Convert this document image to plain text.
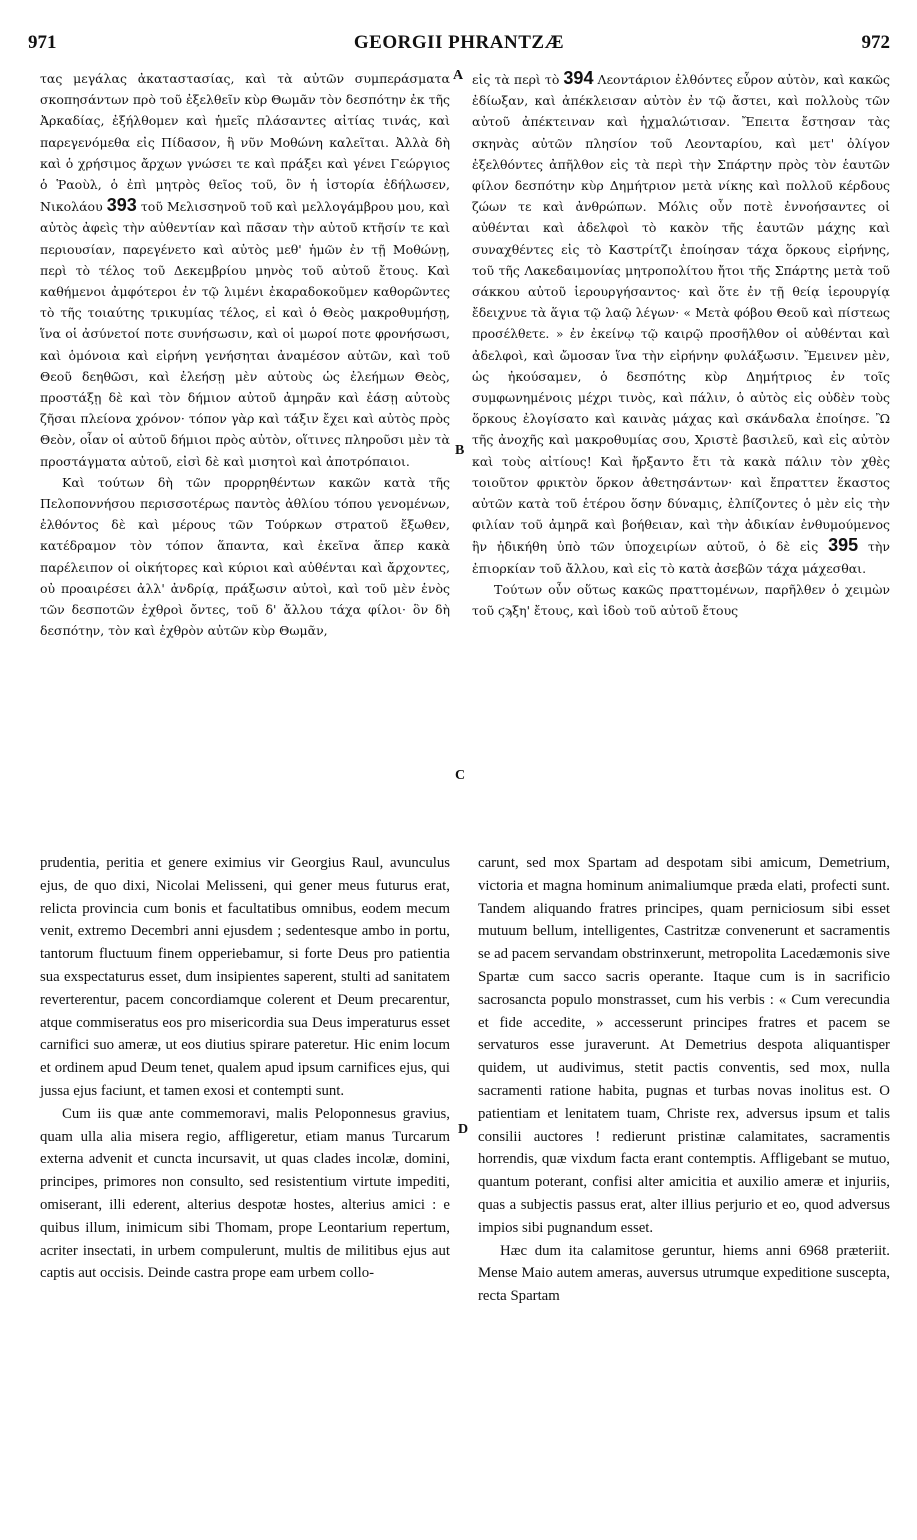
971	GEORGII PHRANTZÆ	972

τας μεγάλας ἀκαταστασίας, καὶ τὰ αὐτῶν συμπεράσματα σκοπησάντων πρὸ τοῦ ἐξελθεῖν κὺρ Θωμᾶν τὸν δεσπότην ἐκ τῆς Ἀρκαδίας, ἐξήλθομεν καὶ ἡμεῖς πλάσαντες αἰτίας τινάς, καὶ παρεγενόμεθα εἰς Πίδασον, ἣ νῦν Μοθώνη καλεῖται. Ἀλλὰ δὴ καὶ ὁ χρήσιμος ἄρχων γνώσει τε καὶ πράξει καὶ γένει Γεώργιος ὁ Ῥαοὺλ, ὁ ἐπὶ μητρὸς θεῖος τοῦ, ὃν ἡ ἱστορία ἐδήλωσεν, Νικολάου 393 τοῦ Μελισσηνοῦ τοῦ καὶ μελλογάμβρου μου, καὶ αὐτὸς ἀφεὶς τὴν αὐθεντίαν καὶ πᾶσαν τὴν αὐτοῦ κτῆσίν τε καὶ περιουσίαν, παρεγένετο καὶ αὐτὸς μεθ' ἡμῶν ἐν τῇ Μοθώνῃ, περὶ τὸ τέλος τοῦ Δεκεμβρίου μηνὸς τοῦ αὐτοῦ ἔτους. Καὶ καθήμενοι ἀμφότεροι ἐν τῷ λιμένι ἐκαραδοκοῦμεν καθορῶντες τὸ τῆς τοιαύτης τρικυμίας τέλος, εἰ καὶ ὁ Θεὸς μακροθυμήσῃ, ἵνα οἱ ἀσύνετοί ποτε συνήσωσιν, καὶ οἱ μωροί ποτε φρονήσωσι, καὶ ὁμόνοια καὶ εἰρήνη γενήσηται ἀναμέσον αὐτῶν, καὶ τοῦ Θεοῦ δεηθῶσι, καὶ ἐλεήσῃ μὲν αὐτοὺς ὡς ἐλεήμων Θεὸς, προστάξῃ δὲ καὶ τὸν δήμιον αὐτοῦ ἀμηρᾶν καὶ ἐάσῃ αὐτοὺς ζῆσαι πλείονα χρόνον· τόπον γὰρ καὶ τάξιν ἔχει καὶ αὐτὸς πρὸς Θεὸν, οἷαν οἱ αὐτοῦ δήμιοι πρὸς αὐτὸν, οἵτινες πληροῦσι μὲν τὰ προστάγματα αὐτοῦ, εἰσὶ δὲ καὶ μισητοὶ καὶ ἀποτρόπαιοι.

Καὶ τούτων δὴ τῶν προρρηθέντων κακῶν κατὰ τῆς Πελοποννήσου περισσοτέρως παντὸς ἀθλίου τόπου γενομένων, ἐλθόντος δὲ καὶ μέρους τῶν Τούρκων στρατοῦ ἔξωθεν, κατέδραμον τὸν τόπον ἅπαντα, καὶ ἐκεῖνα ἅπερ κακὰ παρέλειπον οἱ οἰκήτορες καὶ κύριοι καὶ αὐθένται καὶ ἄρχοντες, οὐ προαιρέσει ἀλλ' ἀνδρίᾳ, πράξωσιν αὐτοὶ, καὶ τοῦ μὲν ἑνὸς τῶν δεσποτῶν ἐχθροὶ ὄντες, τοῦ δ' ἄλλου τάχα φίλοι· ὃν δὴ δεσπότην, τὸν καὶ ἐχθρὸν αὐτῶν κὺρ Θωμᾶν,

A
B
C
D

εἰς τὰ περὶ τὸ 394 Λεοντάριον ἐλθόντες εὗρον αὐτὸν, καὶ κακῶς ἐδίωξαν, καὶ ἀπέκλεισαν αὐτὸν ἐν τῷ ἄστει, καὶ πολλοὺς τῶν αὐτοῦ ἀπέκτειναν καὶ ἠχμαλώτισαν. Ἔπειτα ἔστησαν τὰς σκηνὰς αὐτῶν πλησίον τοῦ Λεονταρίου, καὶ μετ' ὀλίγον ἐξελθόντες ἀπῆλθον εἰς τὰ περὶ τὴν Σπάρτην πρὸς τὸν ἑαυτῶν φίλον δεσπότην κὺρ Δημήτριον μετὰ νίκης καὶ πολλοῦ κέρδους ζώων τε καὶ ἀνθρώπων. Μόλις οὖν ποτὲ ἐννοήσαντες οἱ αὐθένται καὶ ἀδελφοὶ τὸ κακὸν τῆς ἑαυτῶν μάχης καὶ συναχθέντες εἰς τὸ Καστρίτζι ἐποίησαν τάχα ὅρκους εἰρήνης, τοῦ τῆς Λακεδαιμονίας μητροπολίτου ἤτοι τῆς Σπάρτης μετὰ τοῦ σάκκου αὐτοῦ ἱερουργήσαντος· καὶ ὅτε ἐν τῇ θείᾳ ἱερουργίᾳ ἔδειχνυε τὰ ἅγια τῷ λαῷ λέγων· « Μετὰ φόβου Θεοῦ καὶ πίστεως προσέλθετε. » ἐν ἐκείνῳ τῷ καιρῷ προσῆλθον οἱ αὐθένται καὶ ἀδελφοὶ, καὶ ὤμοσαν ἵνα τὴν εἰρήνην φυλάξωσιν. Ἔμεινεν μὲν, ὡς ἠκούσαμεν, ὁ δεσπότης κὺρ Δημήτριος ἐν τοῖς συμφωνημένοις μέχρι τινὸς, καὶ πάλιν, ὁ αὐτὸς εἰς οὐδὲν τοὺς ὅρκους ἐλογίσατο καὶ καινὰς μάχας καὶ σκάνδαλα ἐποίησε. Ὢ τῆς ἀνοχῆς καὶ μακροθυμίας σου, Χριστὲ βασιλεῦ, καὶ εἰς αὐτὸν καὶ τοὺς αἰτίους! Καὶ ἤρξαντο ἔτι τὰ κακὰ πάλιν τὸν χθὲς τοιοῦτον φρικτὸν ὅρκον ἀθετησάντων· καὶ ἔπραττεν ἕκαστος αὐτῶν κατὰ τοῦ ἑτέρου ὅσην δύναμις, ἐλπίζοντες ὁ μὲν εἰς τὴν φιλίαν τοῦ ἀμηρᾶ καὶ βοήθειαν, καὶ τὴν ἀδικίαν ἐνθυμούμενος ἣν ἠδικήθη ὑπὸ τῶν ὑποχειρίων αὐτοῦ, ὁ δὲ εἰς 395 τὴν ἐπιορκίαν τοῦ ἄλλου, καὶ εἰς τὸ κατὰ ἀσεβῶν τάχα μάχεσθαι.

Τούτων οὖν οὕτως κακῶς πραττομένων, παρῆλθεν ὁ χειμὼν τοῦ ϛϡξη' ἔτους, καὶ ἰδοὺ τοῦ αὐτοῦ ἔτους

prudentia, peritia et genere eximius vir Georgius Raul, avunculus ejus, de quo dixi, Nicolai Melisseni, qui gener meus futurus erat, relicta provincia cum bonis et facultatibus omnibus, eodem mecum venit, extremo Decembri anni ejusdem ; sedentesque ambo in portu, tantorum fluctuum finem opperiebamur, si forte Deus pro patientia sua exspectaturus esset, dum insipientes saperent, stulti ad sanitatem reverterentur, pacem concordiamque colerent et Deum precarentur, atque commiseratus eos pro misericordia sua Deus imperaturus esset carnifici suo ameræ, ut eos diutius spirare pateretur. Hic enim locum et ordinem apud Deum tenet, qualem apud ipsum carnifices ejus, qui jussa ejus faciunt, et tamen exosi et contempti sunt.

Cum iis quæ ante commemoravi, malis Peloponnesus gravius, quam ulla alia misera regio, affligeretur, etiam manus Turcarum externa advenit et cuncta incursavit, ut quas clades incolæ, domini, principes, primores non consulto, sed resistentium virtute impediti, omiserant, illi ederent, alterius despotæ hostes, alterius amici : e quibus illum, inimicum sibi Thomam, prope Leontarium repertum, acriter insectati, in urbem compulerunt, multis de militibus ejus aut captis aut occisis. Deinde castra prope eam urbem collo-

carunt, sed mox Spartam ad despotam sibi amicum, Demetrium, victoria et magna hominum animaliumque præda elati, profecti sunt. Tandem aliquando fratres principes, quam perniciosum sibi esset mutuum bellum, intelligentes, Castritzæ convenerunt et sacramentis se ad pacem servandam obstrinxerunt, metropolita Lacedæmonis sive Spartæ cum sacco sacris operante. Itaque cum is in sacrificio sacrosancta populo monstrasset, cum his verbis : « Cum verecundia et fide accedite, » accesserunt principes fratres et pacem se servaturos esse juraverunt. At Demetrius despota aliquantisper quidem, ut audivimus, stetit pactis conventis, sed mox, nulla sacramenti ratione habita, pugnas et turbas novas inolitus est. O patientiam et lenitatem tuam, Christe rex, adversus ipsum et talis consilii auctores ! redierunt pristinæ calamitates, sacramentis horrendis, quæ vixdum facta erant contemptis. Affligebant se mutuo, quantum poterant, confisi alter amicitia et auxilio ameræ et injuriis, quas a subjectis passus erat, alter illius perjurio et eo, quod adversus impios sibi pugnandum esset.

Hæc dum ita calamitose geruntur, hiems anni 6968 præteriit. Mense Maio autem ameras, auversus utrumque expeditione suscepta, recta Spartam
